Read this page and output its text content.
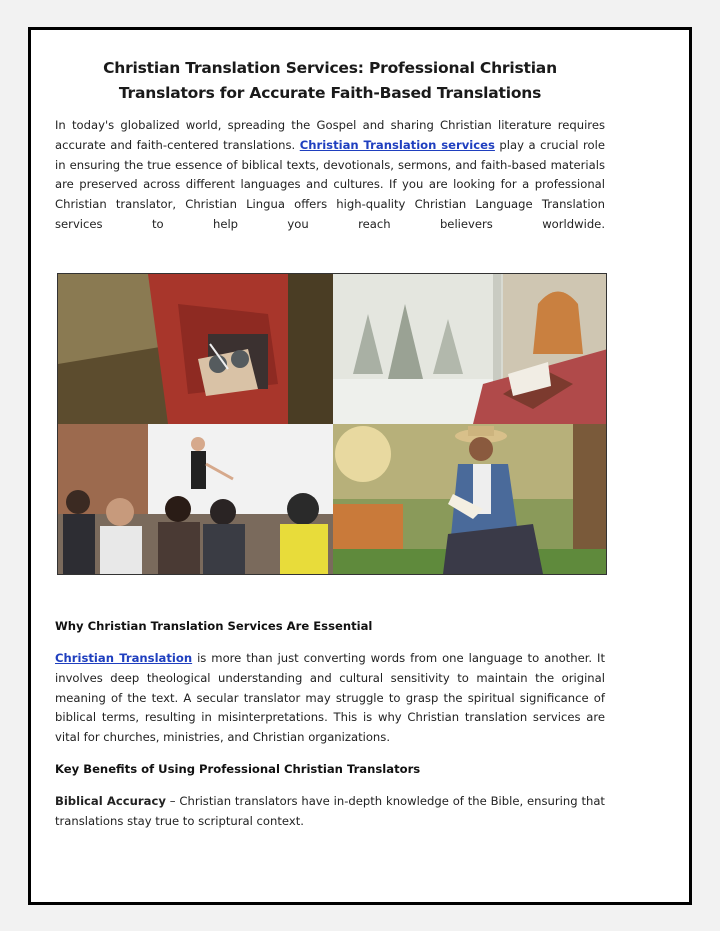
Christian Translation Services: Professional Christian Translators for Accurate Faith-Based Translations

In today's globalized world, spreading the Gospel and sharing Christian literature requires accurate and faith-centered translations. Christian Translation services play a crucial role in ensuring the true essence of biblical texts, devotionals, sermons, and faith-based materials are preserved across different languages and cultures. If you are looking for a professional Christian translator, Christian Lingua offers high-quality Christian Language Translation services to help you reach believers worldwide.

Why Christian Translation Services Are Essential

Christian Translation is more than just converting words from one language to another. It involves deep theological understanding and cultural sensitivity to maintain the original meaning of the text. A secular translator may struggle to grasp the spiritual significance of biblical terms, resulting in misinterpretations. This is why Christian translation services are vital for churches, ministries, and Christian organizations.

Key Benefits of Using Professional Christian Translators

Biblical Accuracy – Christian translators have in-depth knowledge of the Bible, ensuring that translations stay true to scriptural context.
